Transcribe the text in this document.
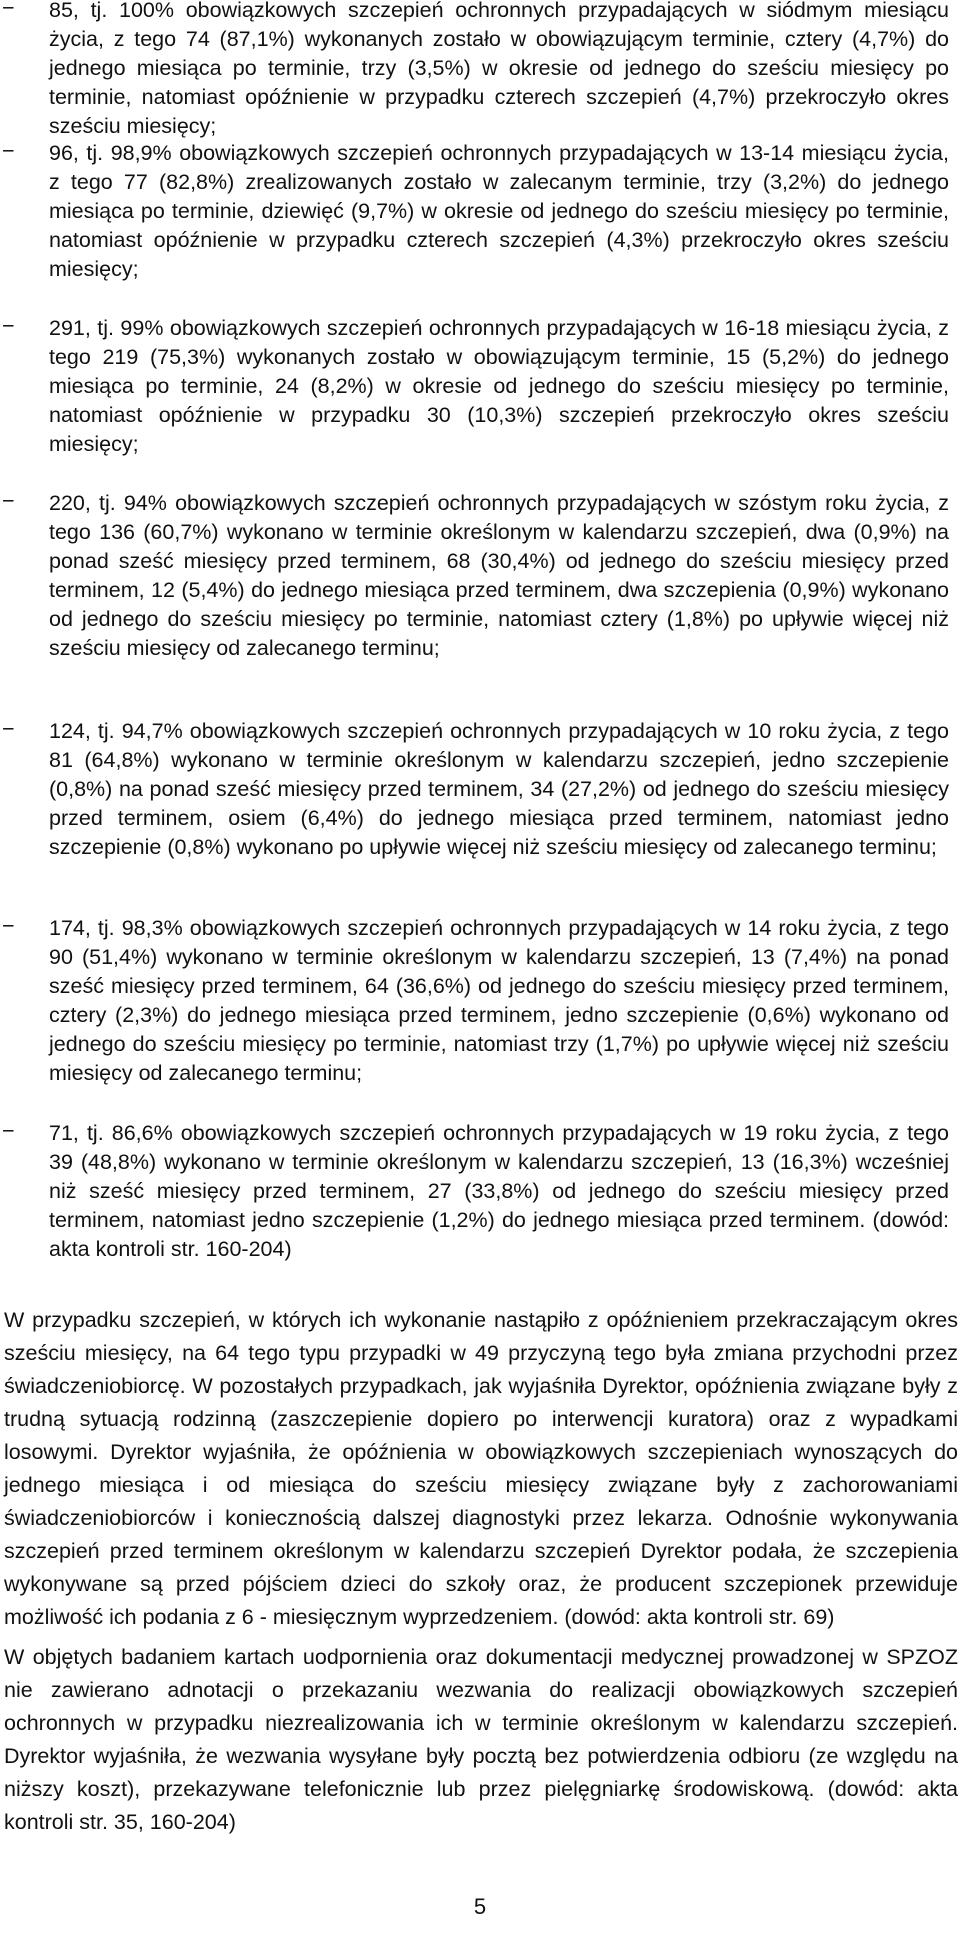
− 85, tj. 100% obowiązkowych szczepień ochronnych przypadających w siódmym miesiącu życia, z tego 74 (87,1%) wykonanych zostało w obowiązującym terminie, cztery (4,7%) do jednego miesiąca po terminie, trzy (3,5%) w okresie od jednego do sześciu miesięcy po terminie, natomiast opóźnienie w przypadku czterech szczepień (4,7%) przekroczyło okres sześciu miesięcy;
− 96, tj. 98,9% obowiązkowych szczepień ochronnych przypadających w 13-14 miesiącu życia, z tego 77 (82,8%) zrealizowanych zostało w zalecanym terminie, trzy (3,2%) do jednego miesiąca po terminie, dziewięć (9,7%) w okresie od jednego do sześciu miesięcy po terminie, natomiast opóźnienie w przypadku czterech szczepień (4,3%) przekroczyło okres sześciu miesięcy;
− 291, tj. 99% obowiązkowych szczepień ochronnych przypadających w 16-18 miesiącu życia, z tego 219 (75,3%) wykonanych zostało w obowiązującym terminie, 15 (5,2%) do jednego miesiąca po terminie, 24 (8,2%) w okresie od jednego do sześciu miesięcy po terminie, natomiast opóźnienie w przypadku 30 (10,3%) szczepień przekroczyło okres sześciu miesięcy;
− 220, tj. 94% obowiązkowych szczepień ochronnych przypadających w szóstym roku życia, z tego 136 (60,7%) wykonano w terminie określonym w kalendarzu szczepień, dwa (0,9%) na ponad sześć miesięcy przed terminem, 68 (30,4%) od jednego do sześciu miesięcy przed terminem, 12 (5,4%) do jednego miesiąca przed terminem, dwa szczepienia (0,9%) wykonano od jednego do sześciu miesięcy po terminie, natomiast cztery (1,8%) po upływie więcej niż sześciu miesięcy od zalecanego terminu;
− 124, tj. 94,7% obowiązkowych szczepień ochronnych przypadających w 10 roku życia, z tego 81 (64,8%) wykonano w terminie określonym w kalendarzu szczepień, jedno szczepienie (0,8%) na ponad sześć miesięcy przed terminem, 34 (27,2%) od jednego do sześciu miesięcy przed terminem, osiem (6,4%) do jednego miesiąca przed terminem, natomiast jedno szczepienie (0,8%) wykonano po upływie więcej niż sześciu miesięcy od zalecanego terminu;
− 174, tj. 98,3% obowiązkowych szczepień ochronnych przypadających w 14 roku życia, z tego 90 (51,4%) wykonano w terminie określonym w kalendarzu szczepień, 13 (7,4%) na ponad sześć miesięcy przed terminem, 64 (36,6%) od jednego do sześciu miesięcy przed terminem, cztery (2,3%) do jednego miesiąca przed terminem, jedno szczepienie (0,6%) wykonano od jednego do sześciu miesięcy po terminie, natomiast trzy (1,7%) po upływie więcej niż sześciu miesięcy od zalecanego terminu;
− 71, tj. 86,6% obowiązkowych szczepień ochronnych przypadających w 19 roku życia, z tego 39 (48,8%) wykonano w terminie określonym w kalendarzu szczepień, 13 (16,3%) wcześniej niż sześć miesięcy przed terminem, 27 (33,8%) od jednego do sześciu miesięcy przed terminem, natomiast jedno szczepienie (1,2%) do jednego miesiąca przed terminem. (dowód: akta kontroli str. 160-204)

W przypadku szczepień, w których ich wykonanie nastąpiło z opóźnieniem przekraczającym okres sześciu miesięcy, na 64 tego typu przypadki w 49 przyczyną tego była zmiana przychodni przez świadczeniobiorcę. W pozostałych przypadkach, jak wyjaśniła Dyrektor, opóźnienia związane były z trudną sytuacją rodzinną (zaszczepienie dopiero po interwencji kuratora) oraz z wypadkami losowymi. Dyrektor wyjaśniła, że opóźnienia w obowiązkowych szczepieniach wynoszących do jednego miesiąca i od miesiąca do sześciu miesięcy związane były z zachorowaniami świadczeniobiorców i koniecznością dalszej diagnostyki przez lekarza. Odnośnie wykonywania szczepień przed terminem określonym w kalendarzu szczepień Dyrektor podała, że szczepienia wykonywane są przed pójściem dzieci do szkoły oraz, że producent szczepionek przewiduje możliwość ich podania z 6 - miesięcznym wyprzedzeniem. (dowód: akta kontroli str. 69)

W objętych badaniem kartach uodpornienia oraz dokumentacji medycznej prowadzonej w SPZOZ nie zawierano adnotacji o przekazaniu wezwania do realizacji obowiązkowych szczepień ochronnych w przypadku niezrealizowania ich w terminie określonym w kalendarzu szczepień. Dyrektor wyjaśniła, że wezwania wysyłane były pocztą bez potwierdzenia odbioru (ze względu na niższy koszt), przekazywane telefonicznie lub przez pielęgniarkę środowiskową. (dowód: akta kontroli str. 35, 160-204)

5
